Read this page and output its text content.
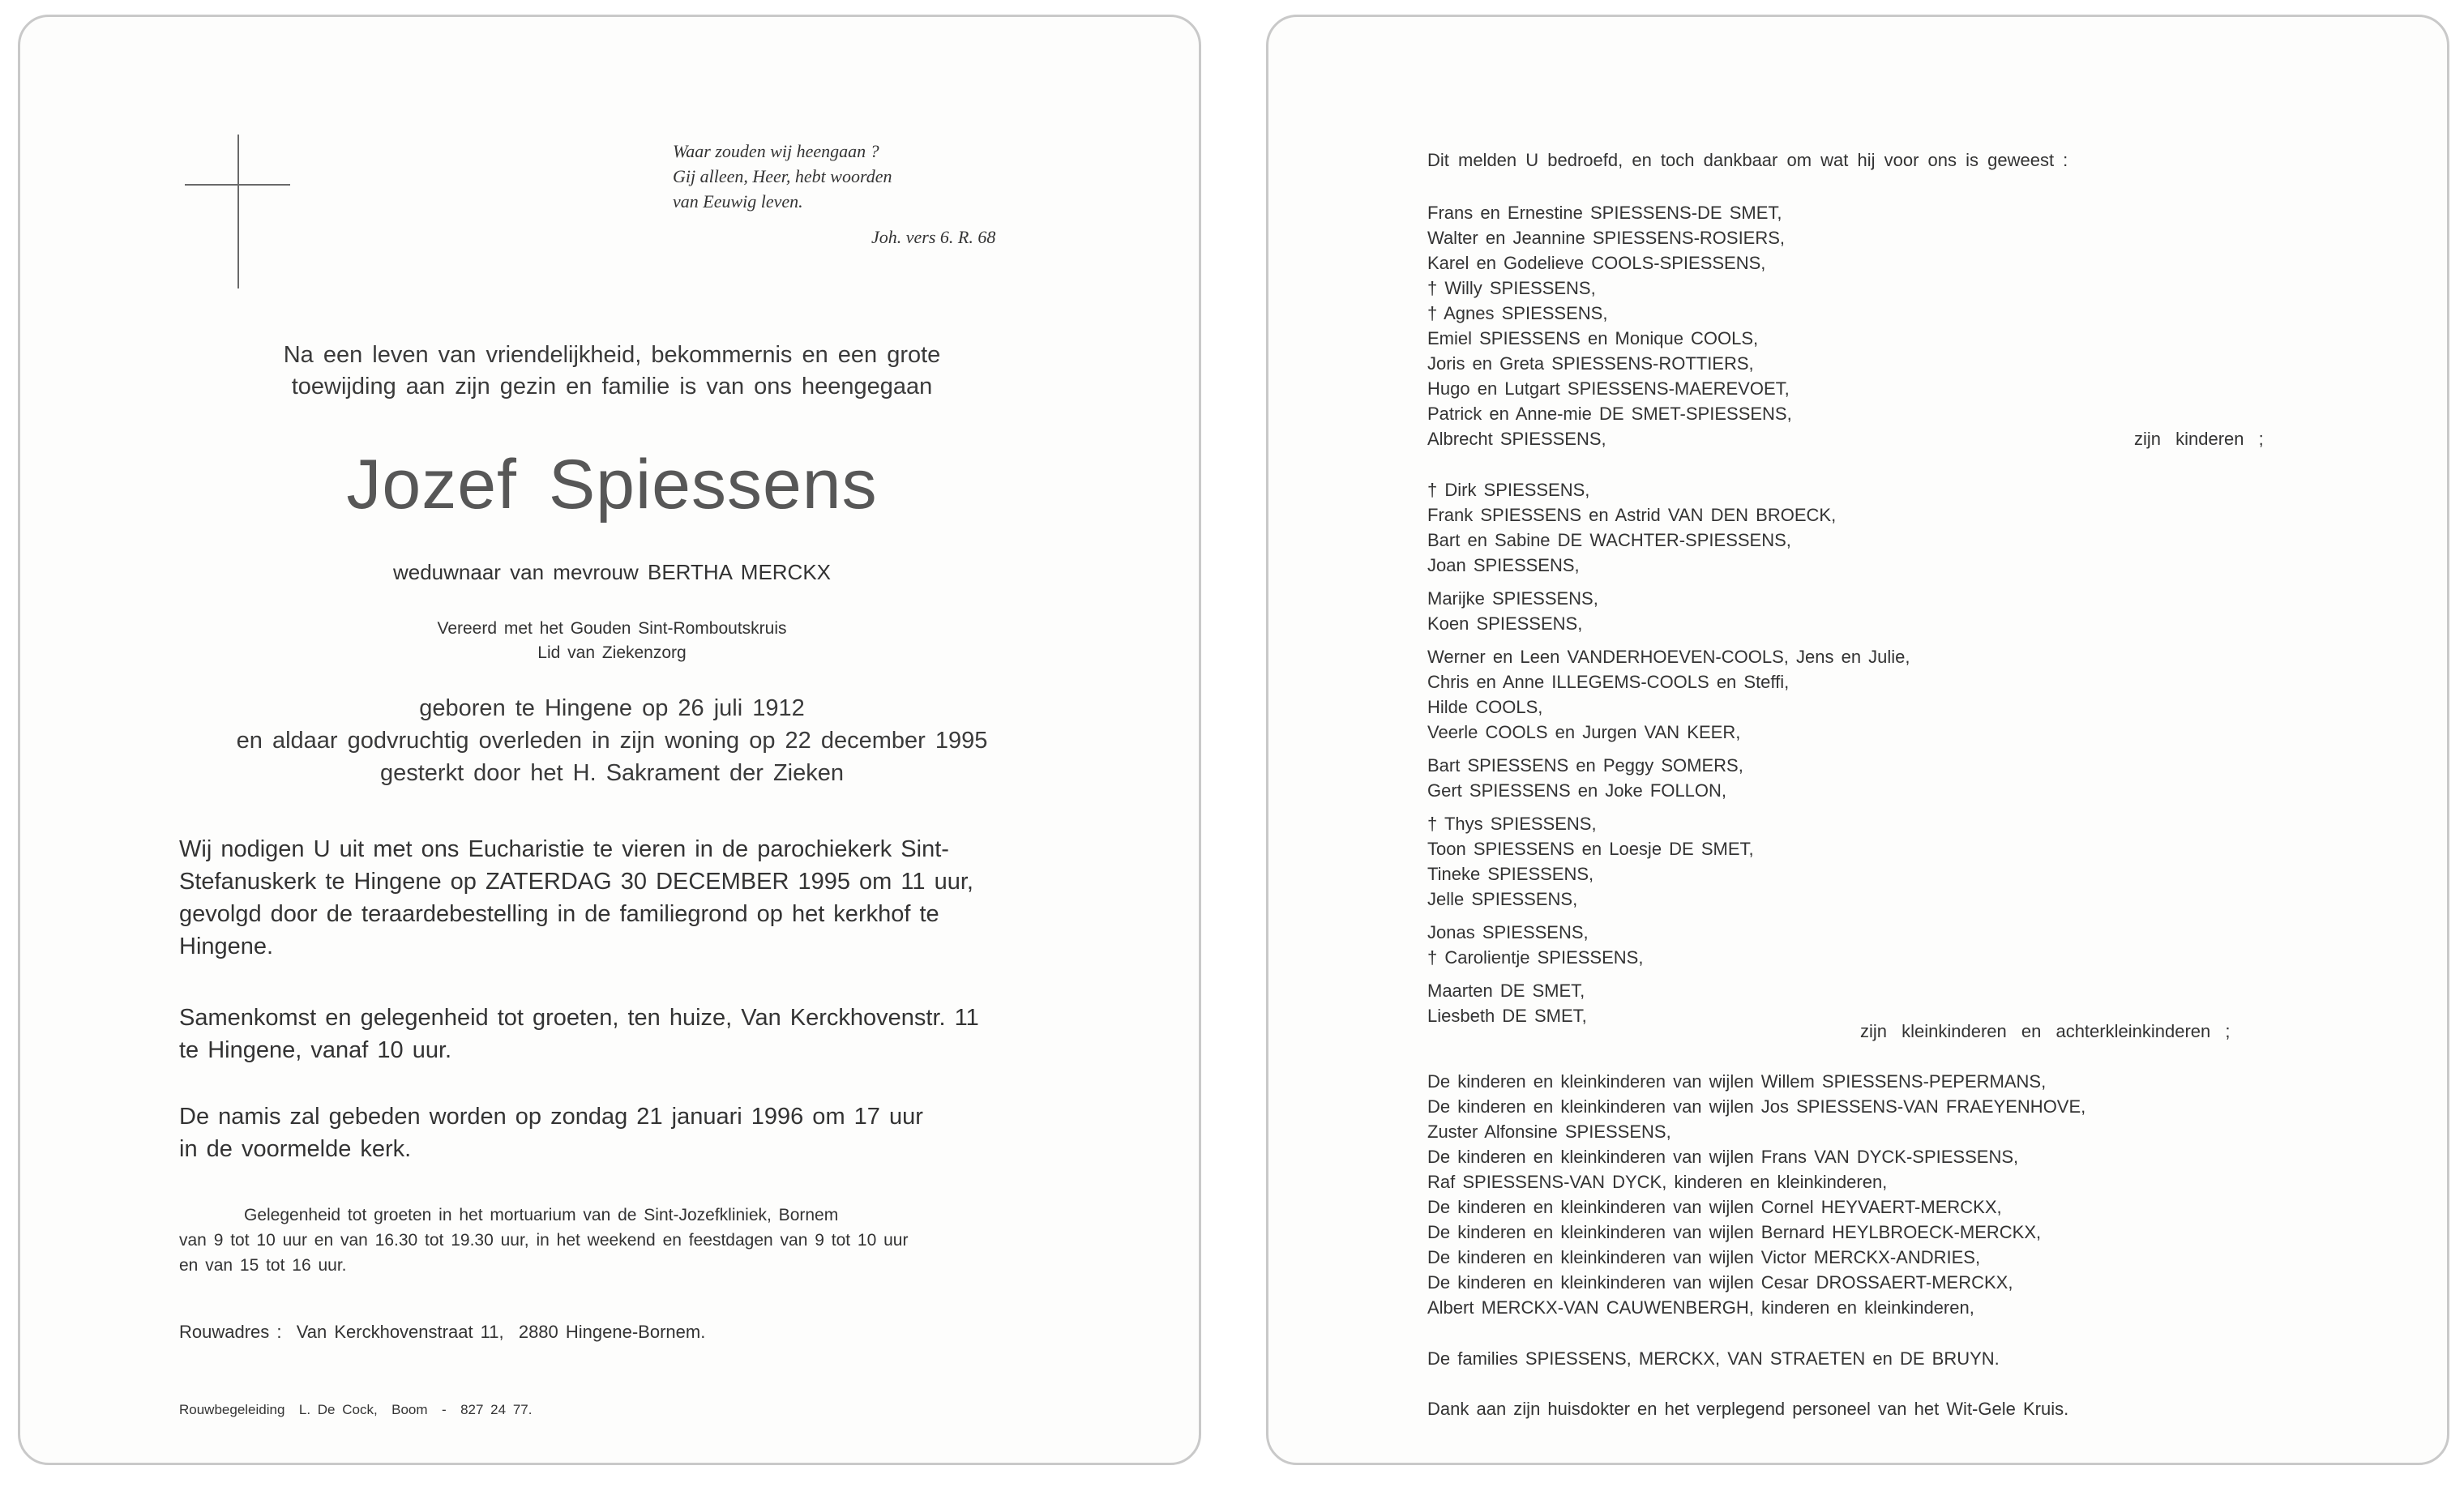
Waar zouden wij heengaan ?
Gij alleen, Heer, hebt woorden
van Eeuwig leven.
Joh. vers 6. R. 68
Na een leven van vriendelijkheid, bekommernis en een grote
toewijding aan zijn gezin en familie is van ons heengegaan
Jozef Spiessens
weduwnaar van mevrouw BERTHA MERCKX
Vereerd met het Gouden Sint-Romboutskruis
Lid van Ziekenzorg
geboren te Hingene op 26 juli 1912
en aldaar godvruchtig overleden in zijn woning op 22 december 1995
gesterkt door het H. Sakrament der Zieken
Wij nodigen U uit met ons Eucharistie te vieren in de parochiekerk Sint-
Stefanuskerk te Hingene op ZATERDAG 30 DECEMBER 1995 om 11 uur,
gevolgd door de teraardebestelling in de familiegrond op het kerkhof te
Hingene.
Samenkomst en gelegenheid tot groeten, ten huize, Van Kerckhovenstr. 11
te Hingene, vanaf 10 uur.
De namis zal gebeden worden op zondag 21 januari 1996 om 17 uur
in de voormelde kerk.
Gelegenheid tot groeten in het mortuarium van de Sint-Jozefkliniek, Bornem
van 9 tot 10 uur en van 16.30 tot 19.30 uur, in het weekend en feestdagen van 9 tot 10 uur
en van 15 tot 16 uur.
Rouwadres :  Van Kerckhovenstraat 11,  2880 Hingene-Bornem.
Rouwbegeleiding  L. De Cock,  Boom  -  827 24 77.
Dit melden U bedroefd, en toch dankbaar om wat hij voor ons is geweest :
Frans en Ernestine SPIESSENS-DE SMET,
Walter en Jeannine SPIESSENS-ROSIERS,
Karel en Godelieve COOLS-SPIESSENS,
† Willy SPIESSENS,
† Agnes SPIESSENS,
Emiel SPIESSENS en Monique COOLS,
Joris en Greta SPIESSENS-ROTTIERS,
Hugo en Lutgart SPIESSENS-MAEREVOET,
Patrick en Anne-mie DE SMET-SPIESSENS,
Albrecht SPIESSENS,	zijn kinderen ;
† Dirk SPIESSENS,
Frank SPIESSENS en Astrid VAN DEN BROECK,
Bart en Sabine DE WACHTER-SPIESSENS,
Joan SPIESSENS,
Marijke SPIESSENS,
Koen SPIESSENS,
Werner en Leen VANDERHOEVEN-COOLS, Jens en Julie,
Chris en Anne ILLEGEMS-COOLS en Steffi,
Hilde COOLS,
Veerle COOLS en Jurgen VAN KEER,
Bart SPIESSENS en Peggy SOMERS,
Gert SPIESSENS en Joke FOLLON,
† Thys SPIESSENS,
Toon SPIESSENS en Loesje DE SMET,
Tineke SPIESSENS,
Jelle SPIESSENS,
Jonas SPIESSENS,
† Carolientje SPIESSENS,
Maarten DE SMET,
Liesbeth DE SMET,
zijn kleinkinderen en achterkleinkinderen ;
De kinderen en kleinkinderen van wijlen Willem SPIESSENS-PEPERMANS,
De kinderen en kleinkinderen van wijlen Jos SPIESSENS-VAN FRAEYENHOVE,
Zuster Alfonsine SPIESSENS,
De kinderen en kleinkinderen van wijlen Frans VAN DYCK-SPIESSENS,
Raf SPIESSENS-VAN DYCK, kinderen en kleinkinderen,
De kinderen en kleinkinderen van wijlen Cornel HEYVAERT-MERCKX,
De kinderen en kleinkinderen van wijlen Bernard HEYLBROECK-MERCKX,
De kinderen en kleinkinderen van wijlen Victor MERCKX-ANDRIES,
De kinderen en kleinkinderen van wijlen Cesar DROSSAERT-MERCKX,
Albert MERCKX-VAN CAUWENBERGH, kinderen en kleinkinderen,
De families SPIESSENS, MERCKX, VAN STRAETEN en DE BRUYN.
Dank aan zijn huisdokter en het verplegend personeel van het Wit-Gele Kruis.
